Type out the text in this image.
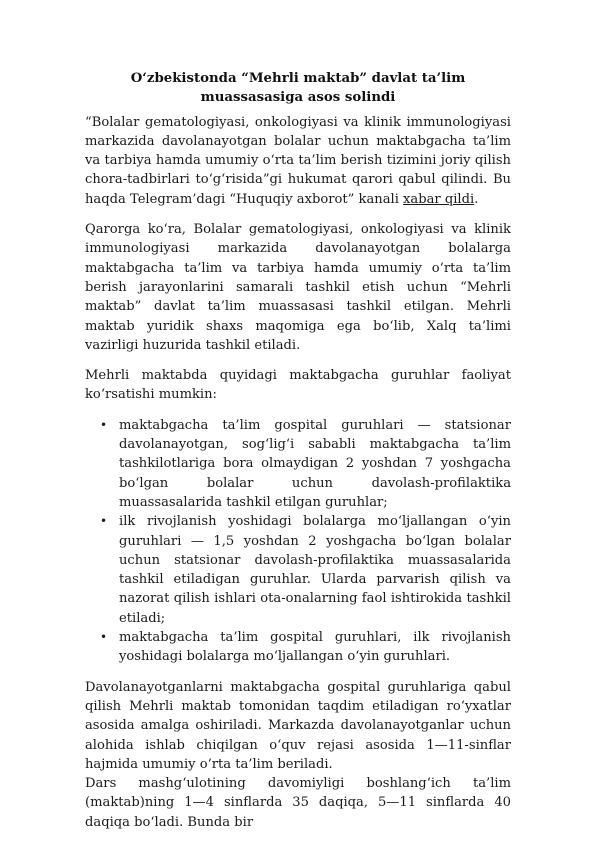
O‘zbekistonda “Mehrli maktab” davlat ta’lim muassasasiga asos solindi

“Bolalar gematologiyasi, onkologiyasi va klinik immunologiyasi markazida davolanayotgan bolalar uchun maktabgacha ta’lim va tarbiya hamda umumiy o‘rta ta’lim berish tizimini joriy qilish chora-tadbirlari to‘g‘risida”gi hukumat qarori qabul qilindi. Bu haqda Telegram’dagi “Huquqiy axborot” kanali xabar qildi.

Qarorga ko‘ra, Bolalar gematologiyasi, onkologiyasi va klinik immunologiyasi markazida davolanayotgan bolalarga maktabgacha ta’lim va tarbiya hamda umumiy o‘rta ta’lim berish jarayonlarini samarali tashkil etish uchun “Mehrli maktab” davlat ta’lim muassasasi tashkil etilgan. Mehrli maktab yuridik shaxs maqomiga ega bo‘lib, Xalq ta’limi vazirligi huzurida tashkil etiladi.

Mehrli maktabda quyidagi maktabgacha guruhlar faoliyat ko‘rsatishi mumkin:

• maktabgacha ta’lim gospital guruhlari — statsionar davolanayotgan, sog‘lig‘i sababli maktabgacha ta’lim tashkilotlariga bora olmaydigan 2 yoshdan 7 yoshgacha bo‘lgan bolalar uchun davolash-profilaktika muassasalarida tashkil etilgan guruhlar;
• ilk rivojlanish yoshidagi bolalarga mo‘ljallangan o‘yin guruhlari — 1,5 yoshdan 2 yoshgacha bo‘lgan bolalar uchun statsionar davolash-profilaktika muassasalarida tashkil etiladigan guruhlar. Ularda parvarish qilish va nazorat qilish ishlari ota-onalarning faol ishtirokida tashkil etiladi;
• maktabgacha ta’lim gospital guruhlari, ilk rivojlanish yoshidagi bolalarga mo‘ljallangan o‘yin guruhlari.

Davolanayotganlarni maktabgacha gospital guruhlariga qabul qilish Mehrli maktab tomonidan taqdim etiladigan ro‘yxatlar asosida amalga oshiriladi. Markazda davolanayotganlar uchun alohida ishlab chiqilgan o‘quv rejasi asosida 1—11-sinflar hajmida umumiy o‘rta ta’lim beriladi.

Dars mashg‘ulotining davomiyligi boshlang‘ich ta’lim (maktab)ning 1—4 sinflarda 35 daqiqa, 5—11 sinflarda 40 daqiqa bo‘ladi. Bunda bir
